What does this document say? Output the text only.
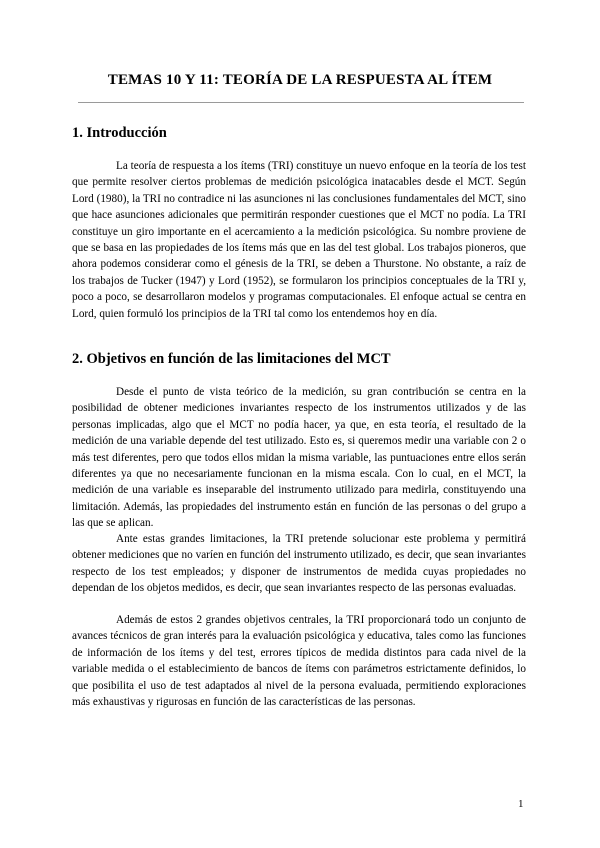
TEMAS 10 Y 11: TEORÍA DE LA RESPUESTA AL ÍTEM
1. Introducción

La teoría de respuesta a los ítems (TRI) constituye un nuevo enfoque en la teoría de los test que permite resolver ciertos problemas de medición psicológica inatacables desde el MCT. Según Lord (1980), la TRI no contradice ni las asunciones ni las conclusiones fundamentales del MCT, sino que hace asunciones adicionales que permitirán responder cuestiones que el MCT no podía. La TRI constituye un giro importante en el acercamiento a la medición psicológica. Su nombre proviene de que se basa en las propiedades de los ítems más que en las del test global. Los trabajos pioneros, que ahora podemos considerar como el génesis de la TRI, se deben a Thurstone. No obstante, a raíz de los trabajos de Tucker (1947) y Lord (1952), se formularon los principios conceptuales de la TRI y, poco a poco, se desarrollaron modelos y programas computacionales. El enfoque actual se centra en Lord, quien formuló los principios de la TRI tal como los entendemos hoy en día.

2. Objetivos en función de las limitaciones del MCT

Desde el punto de vista teórico de la medición, su gran contribución se centra en la posibilidad de obtener mediciones invariantes respecto de los instrumentos utilizados y de las personas implicadas, algo que el MCT no podía hacer, ya que, en esta teoría, el resultado de la medición de una variable depende del test utilizado. Esto es, si queremos medir una variable con 2 o más test diferentes, pero que todos ellos midan la misma variable, las puntuaciones entre ellos serán diferentes ya que no necesariamente funcionan en la misma escala. Con lo cual, en el MCT, la medición de una variable es inseparable del instrumento utilizado para medirla, constituyendo una limitación. Además, las propiedades del instrumento están en función de las personas o del grupo a las que se aplican.

Ante estas grandes limitaciones, la TRI pretende solucionar este problema y permitirá obtener mediciones que no varíen en función del instrumento utilizado, es decir, que sean invariantes respecto de los test empleados; y disponer de instrumentos de medida cuyas propiedades no dependan de los objetos medidos, es decir, que sean invariantes respecto de las personas evaluadas.

Además de estos 2 grandes objetivos centrales, la TRI proporcionará todo un conjunto de avances técnicos de gran interés para la evaluación psicológica y educativa, tales como las funciones de información de los ítems y del test, errores típicos de medida distintos para cada nivel de la variable medida o el establecimiento de bancos de ítems con parámetros estrictamente definidos, lo que posibilita el uso de test adaptados al nivel de la persona evaluada, permitiendo exploraciones más exhaustivas y rigurosas en función de las características de las personas.

1
